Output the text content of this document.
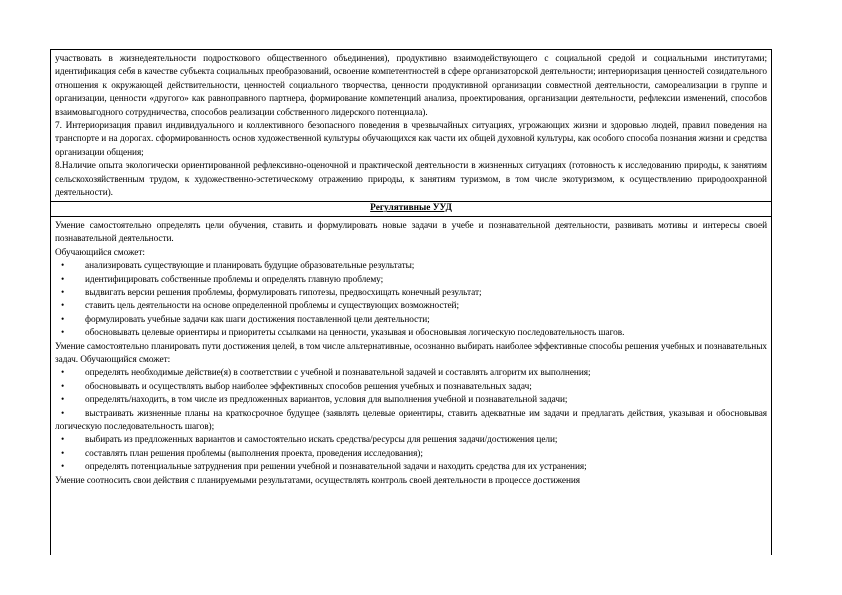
участвовать в жизнедеятельности подросткового общественного объединения), продуктивно взаимодействующего с социальной средой и социальными институтами; идентификация себя в качестве субъекта социальных преобразований, освоение компетентностей в сфере организаторской деятельности; интериоризация ценностей созидательного отношения к окружающей действительности, ценностей социального творчества, ценности продуктивной организации совместной деятельности, самореализации в группе и организации, ценности «другого» как равноправного партнера, формирование компетенций анализа, проектирования, организации деятельности, рефлексии изменений, способов взаимовыгодного сотрудничества, способов реализации собственного лидерского потенциала).

7. Интериоризация правил индивидуального и коллективного безопасного поведения в чрезвычайных ситуациях, угрожающих жизни и здоровью людей, правил поведения на транспорте и на дорогах. сформированность основ художественной культуры обучающихся как части их общей духовной культуры, как особого способа познания жизни и средства организации общения;

8.Наличие опыта экологически ориентированной рефлексивно-оценочной и практической деятельности в жизненных ситуациях (готовность к исследованию природы, к занятиям сельскохозяйственным трудом, к художественно-эстетическому отражению природы, к занятиям туризмом, в том числе экотуризмом, к осуществлению природоохранной деятельности).

Регулятивные УУД

Умение самостоятельно определять цели обучения, ставить и формулировать новые задачи в учебе и познавательной деятельности, развивать мотивы и интересы своей познавательной деятельности.

Обучающийся сможет:

• анализировать существующие и планировать будущие образовательные результаты;
• идентифицировать собственные проблемы и определять главную проблему;
• выдвигать версии решения проблемы, формулировать гипотезы, предвосхищать конечный результат;
• ставить цель деятельности на основе определенной проблемы и существующих возможностей;
• формулировать учебные задачи как шаги достижения поставленной цели деятельности;
• обосновывать целевые ориентиры и приоритеты ссылками на ценности, указывая и обосновывая логическую последовательность шагов.

Умение самостоятельно планировать пути достижения целей, в том числе альтернативные, осознанно выбирать наиболее эффективные способы решения учебных и познавательных задач. Обучающийся сможет:

• определять необходимые действие(я) в соответствии с учебной и познавательной задачей и составлять алгоритм их выполнения;
• обосновывать и осуществлять выбор наиболее эффективных способов решения учебных и познавательных задач;
• определять/находить, в том числе из предложенных вариантов, условия для выполнения учебной и познавательной задачи;
• выстраивать жизненные планы на краткосрочное будущее (заявлять целевые ориентиры, ставить адекватные им задачи и предлагать действия, указывая и обосновывая логическую последовательность шагов);
• выбирать из предложенных вариантов и самостоятельно искать средства/ресурсы для решения задачи/достижения цели;
• составлять план решения проблемы (выполнения проекта, проведения исследования);
• определять потенциальные затруднения при решении учебной и познавательной задачи и находить средства для их устранения;

Умение соотносить свои действия с планируемыми результатами, осуществлять контроль своей деятельности в процессе достижения
